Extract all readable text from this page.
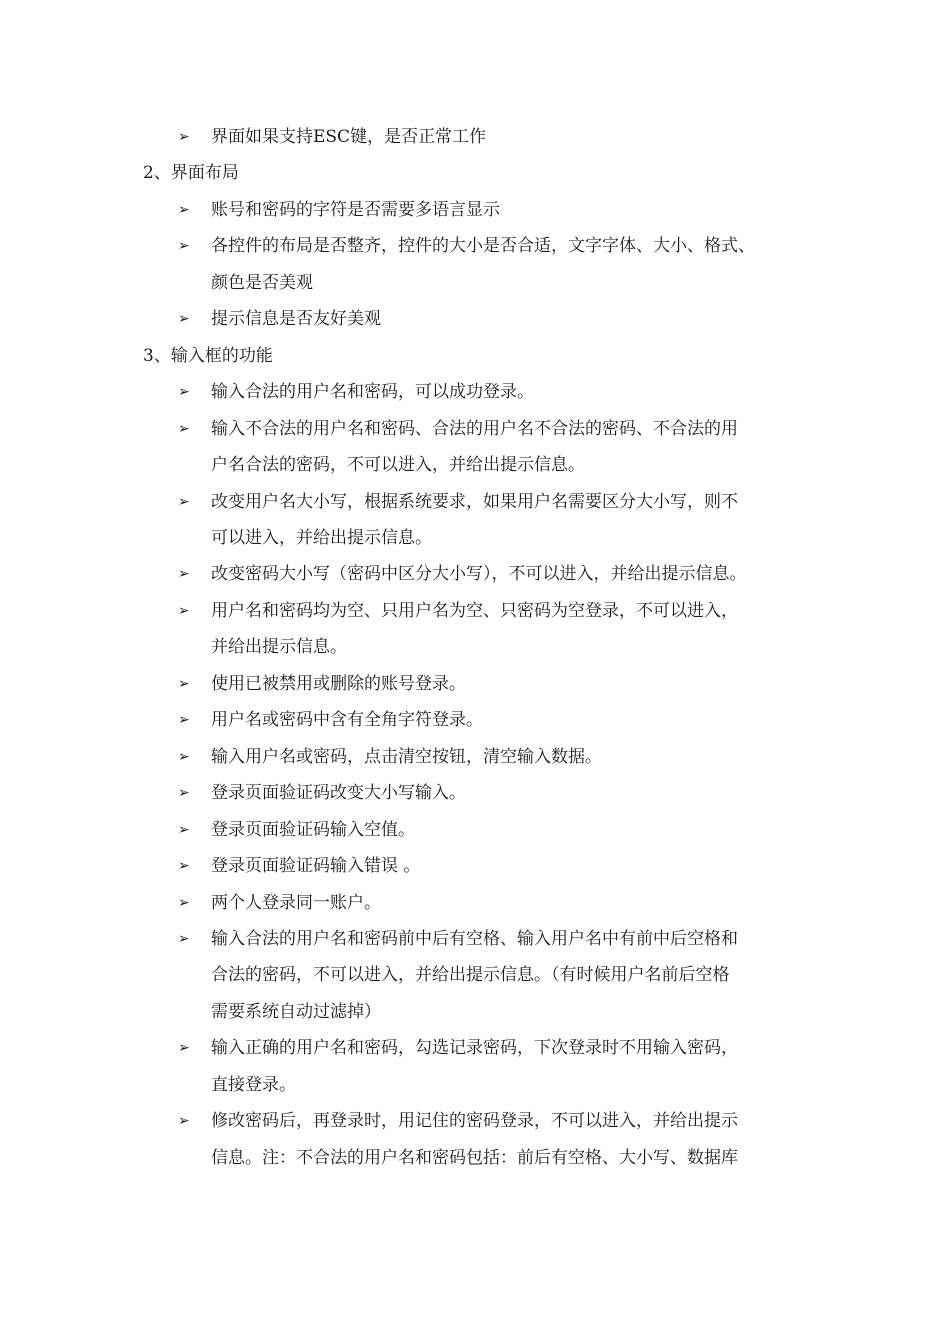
➢ 界面如果支持ESC键，是否正常工作
2、界面布局
➢ 账号和密码的字符是否需要多语言显示
➢ 各控件的布局是否整齐，控件的大小是否合适，文字字体、大小、格式、
颜色是否美观
➢ 提示信息是否友好美观
3、输入框的功能
➢ 输入合法的用户名和密码，可以成功登录。
➢ 输入不合法的用户名和密码、合法的用户名不合法的密码、不合法的用
户名合法的密码，不可以进入，并给出提示信息。
➢ 改变用户名大小写，根据系统要求，如果用户名需要区分大小写，则不
可以进入，并给出提示信息。
➢ 改变密码大小写（密码中区分大小写），不可以进入，并给出提示信息。
➢ 用户名和密码均为空、只用户名为空、只密码为空登录，不可以进入，
并给出提示信息。
➢ 使用已被禁用或删除的账号登录。
➢ 用户名或密码中含有全角字符登录。
➢ 输入用户名或密码，点击清空按钮，清空输入数据。
➢ 登录页面验证码改变大小写输入。
➢ 登录页面验证码输入空值。
➢ 登录页面验证码输入错误 。
➢ 两个人登录同一账户。
➢ 输入合法的用户名和密码前中后有空格、输入用户名中有前中后空格和
合法的密码，不可以进入，并给出提示信息。（有时候用户名前后空格
需要系统自动过滤掉）
➢ 输入正确的用户名和密码，勾选记录密码，下次登录时不用输入密码，
直接登录。
➢ 修改密码后，再登录时，用记住的密码登录，不可以进入，并给出提示
信息。注：不合法的用户名和密码包括：前后有空格、大小写、数据库
